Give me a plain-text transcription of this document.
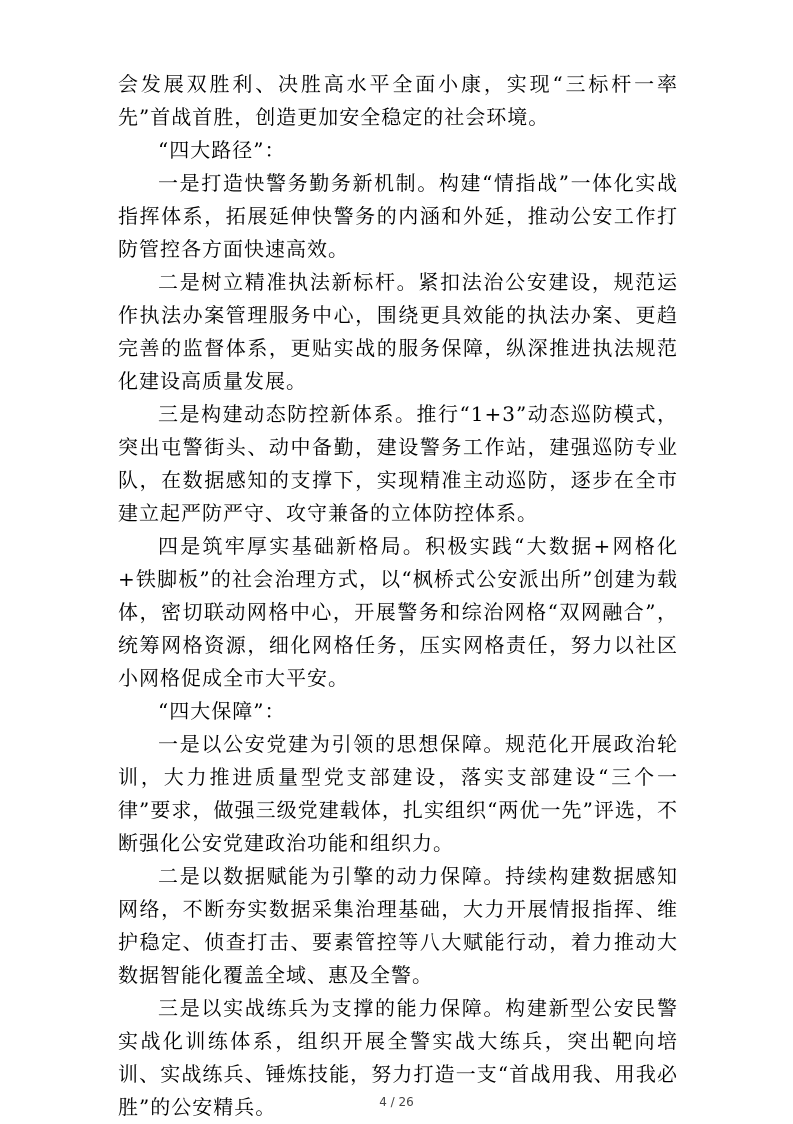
会发展双胜利、决胜高水平全面小康，实现“三标杆一率先”首战首胜，创造更加安全稳定的社会环境。

“四大路径”：

一是打造快警务勤务新机制。构建“情指战”一体化实战指挥体系，拓展延伸快警务的内涵和外延，推动公安工作打防管控各方面快速高效。

二是树立精准执法新标杆。紧扣法治公安建设，规范运作执法办案管理服务中心，围绕更具效能的执法办案、更趋完善的监督体系，更贴实战的服务保障，纵深推进执法规范化建设高质量发展。

三是构建动态防控新体系。推行“1+3”动态巡防模式，突出屯警街头、动中备勤，建设警务工作站，建强巡防专业队，在数据感知的支撑下，实现精准主动巡防，逐步在全市建立起严防严守、攻守兼备的立体防控体系。

四是筑牢厚实基础新格局。积极实践“大数据+网格化+铁脚板”的社会治理方式，以“枫桥式公安派出所”创建为载体，密切联动网格中心，开展警务和综治网格“双网融合”，统筹网格资源，细化网格任务，压实网格责任，努力以社区小网格促成全市大平安。

“四大保障”：

一是以公安党建为引领的思想保障。规范化开展政治轮训，大力推进质量型党支部建设，落实支部建设“三个一律”要求，做强三级党建载体，扎实组织“两优一先”评选，不断强化公安党建政治功能和组织力。

二是以数据赋能为引擎的动力保障。持续构建数据感知网络，不断夯实数据采集治理基础，大力开展情报指挥、维护稳定、侦查打击、要素管控等八大赋能行动，着力推动大数据智能化覆盖全域、惠及全警。

三是以实战练兵为支撑的能力保障。构建新型公安民警实战化训练体系，组织开展全警实战大练兵，突出靶向培训、实战练兵、锤炼技能，努力打造一支“首战用我、用我必胜”的公安精兵。	4 / 26
